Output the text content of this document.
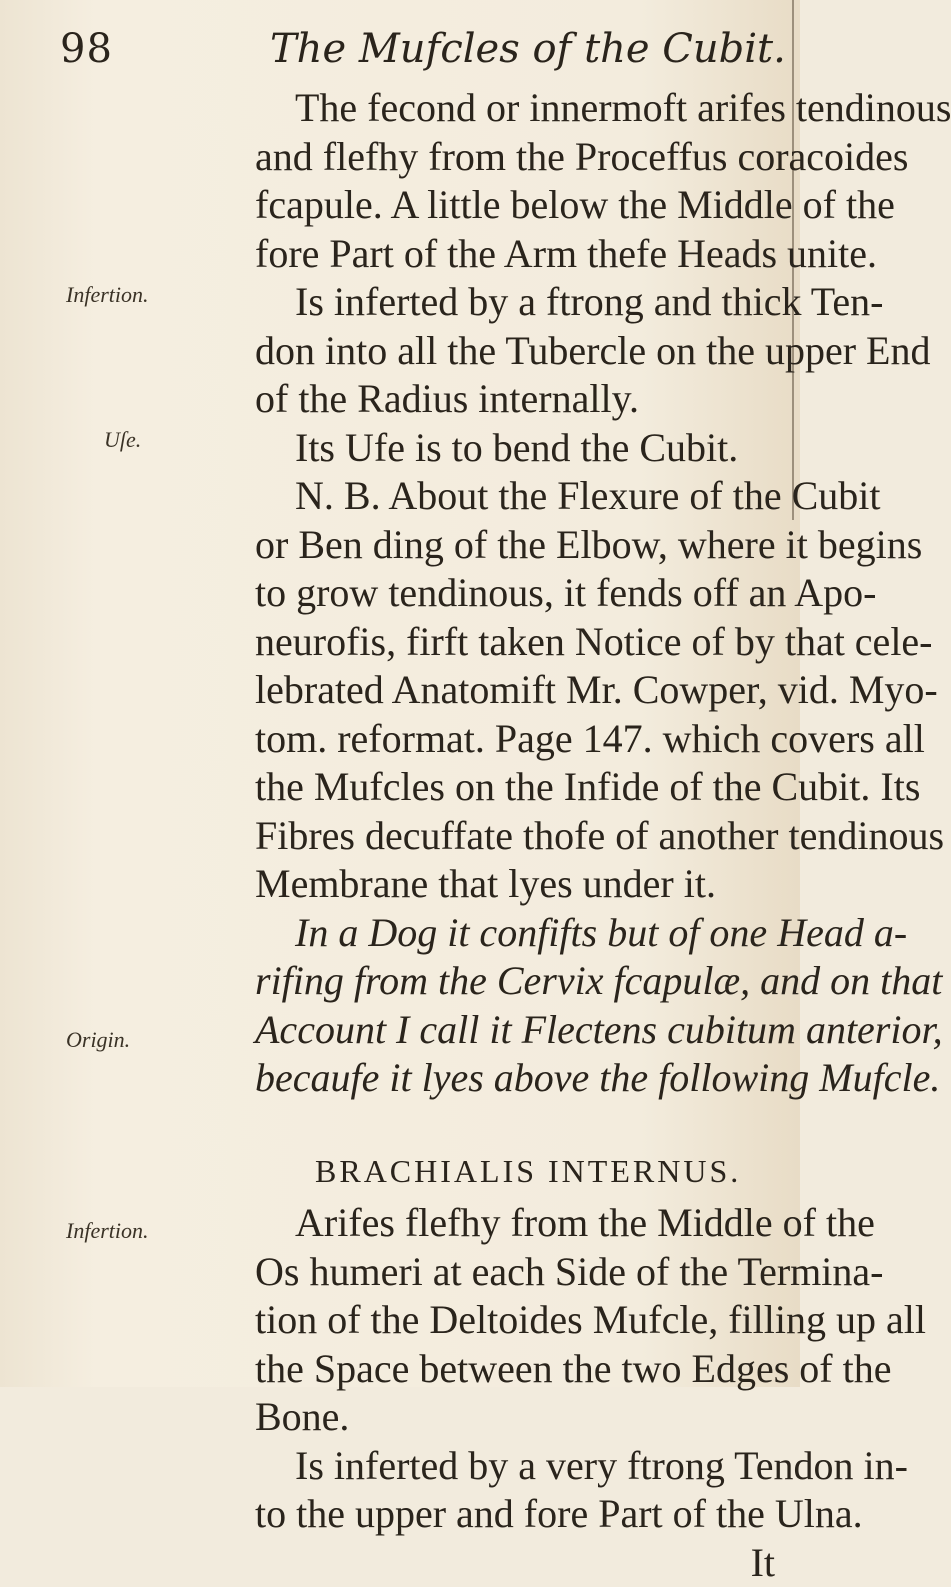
98	The Mufcles of the Cubit.
Infertion.
Uſe.
Origin.
Infertion.
The fecond or innermoft arifes tendinous
and flefhy from the Proceffus coracoides
fcapule. A little below the Middle of the
fore Part of the Arm thefe Heads unite.
Is inferted by a ftrong and thick Ten-
don into all the Tubercle on the upper End
of the Radius internally.
Its Ufe is to bend the Cubit.
N. B. About the Flexure of the Cubit
or Ben ding of the Elbow, where it begins
to grow tendinous, it fends off an Apo-
neurofis, firft taken Notice of by that cele-
lebrated Anatomift Mr. Cowper, vid. Myo-
tom. reformat. Page 147. which covers all
the Mufcles on the Infide of the Cubit. Its
Fibres decuffate thofe of another tendinous
Membrane that lyes under it.
In a Dog it confifts but of one Head a-
rifing from the Cervix fcapulæ, and on that
Account I call it Flectens cubitum anterior,
becaufe it lyes above the following Mufcle.
BRACHIALIS INTERNUS.
Arifes flefhy from the Middle of the
Os humeri at each Side of the Termina-
tion of the Deltoides Mufcle, filling up all
the Space between the two Edges of the
Bone.
Is inferted by a very ftrong Tendon in-
to the upper and fore Part of the Ulna.
It
